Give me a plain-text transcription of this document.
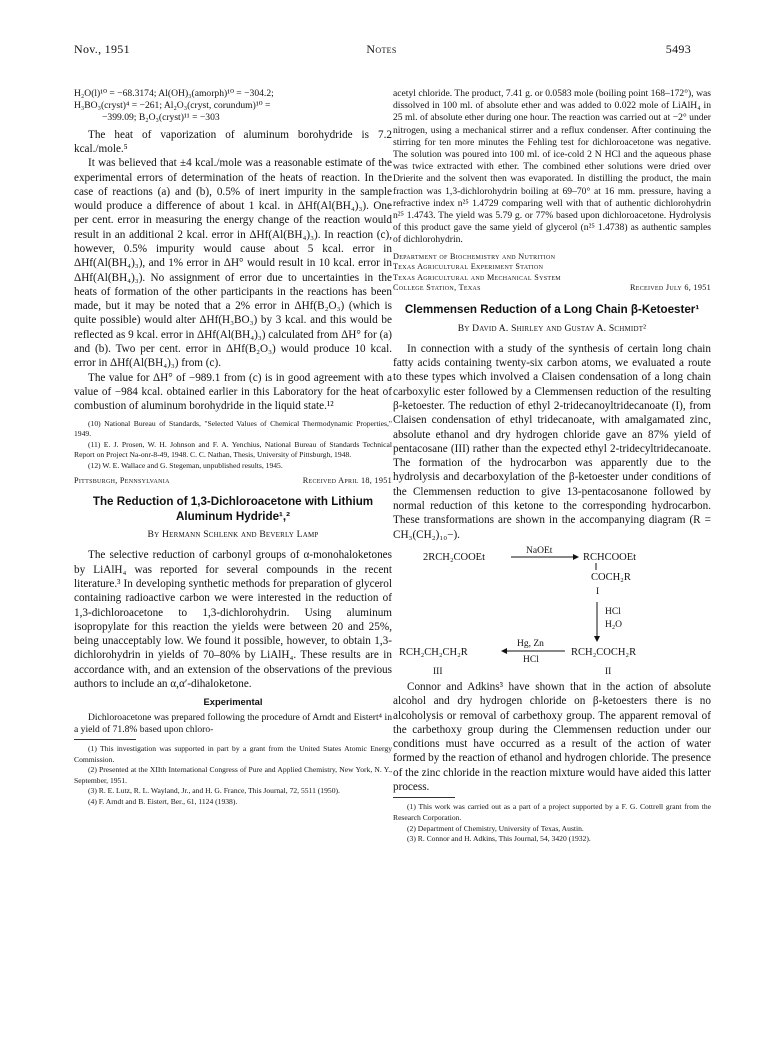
Nov., 1951	Notes	5493

H₂O(l)¹⁰ = −68.3174; Al(OH)₃(amorph)¹⁰ = −304.2;

H₃BO₃(cryst)⁴ = −261; Al₂O₃(cryst, corundum)¹⁰ =

−399.09; B₂O₃(cryst)¹¹ = −303

The heat of vaporization of aluminum borohydride is 7.2 kcal./mole.⁵

It was believed that ±4 kcal./mole was a reasonable estimate of the experimental errors of determination of the heats of reaction. In the case of reactions (a) and (b), 0.5% of inert impurity in the sample would produce a difference of about 1 kcal. in ΔHf(Al(BH₄)₃). One per cent. error in measuring the energy change of the reaction would result in an additional 2 kcal. error in ΔHf(Al(BH₄)₃). In reaction (c), however, 0.5% impurity would cause about 5 kcal. error in ΔHf(Al(BH₄)₃), and 1% error in ΔH° would result in 10 kcal. error in ΔHf(Al(BH₄)₃). No assignment of error due to uncertainties in the heats of formation of the other participants in the reactions has been made, but it may be noted that a 2% error in ΔHf(B₂O₃) (which is quite possible) would alter ΔHf(H₃BO₃) by 3 kcal. and this would be reflected as 9 kcal. error in ΔHf(Al(BH₄)₃) calculated from ΔH° for (a) and (b). Two per cent. error in ΔHf(B₂O₃) would produce 10 kcal. error in ΔHf(Al(BH₄)₃) from (c).

The value for ΔH° of −989.1 from (c) is in good agreement with a value of −984 kcal. obtained earlier in this Laboratory for the heat of combustion of aluminum borohydride in the liquid state.¹²

(10) National Bureau of Standards, "Selected Values of Chemical Thermodynamic Properties," 1949.

(11) E. J. Prosen, W. H. Johnson and F. A. Yenchius, National Bureau of Standards Technical Report on Project Na-onr-8-49, 1948. C. C. Nathan, Thesis, University of Pittsburgh, 1948.

(12) W. E. Wallace and G. Stegeman, unpublished results, 1945.

Pittsburgh, Pennsylvania	Received April 18, 1951

The Reduction of 1,3-Dichloroacetone with Lithium Aluminum Hydride¹,²

By Hermann Schlenk and Beverly Lamp

The selective reduction of carbonyl groups of α-monohaloketones by LiAlH₄ was reported for several compounds in the recent literature.³ In developing synthetic methods for preparation of glycerol containing radioactive carbon we were interested in the reduction of 1,3-dichloroacetone to 1,3-dichlorohydrin. Using aluminum isopropylate for this reaction the yields were between 20 and 25%, being unacceptably low. We found it possible, however, to obtain 1,3-dichlorohydrin in yields of 70–80% by LiAlH₄. These results are in accordance with, and an extension of the observations of the previous authors to include an α,α′-dihaloketone.

Experimental

Dichloroacetone was prepared following the procedure of Arndt and Eistert⁴ in a yield of 71.8% based upon chloro-

(1) This investigation was supported in part by a grant from the United States Atomic Energy Commission.

(2) Presented at the XIIth International Congress of Pure and Applied Chemistry, New York, N. Y., September, 1951.

(3) R. E. Lutz, R. L. Wayland, Jr., and H. G. France, This Journal, 72, 5511 (1950).

(4) F. Arndt and B. Eistert, Ber., 61, 1124 (1938).

acetyl chloride. The product, 7.41 g. or 0.0583 mole (boiling point 168–172°), was dissolved in 100 ml. of absolute ether and was added to 0.022 mole of LiAlH₄ in 25 ml. of absolute ether during one hour. The reaction was carried out at −2° under nitrogen, using a mechanical stirrer and a reflux condenser. After continuing the stirring for ten more minutes the Fehling test for dichloroacetone was negative. The solution was poured into 100 ml. of ice-cold 2 N HCl and the aqueous phase was twice extracted with ether. The combined ether solutions were dried over Drierite and the solvent then was evaporated. In distilling the product, the main fraction was 1,3-dichlorohydrin boiling at 69–70° at 16 mm. pressure, having a refractive index n²⁵ 1.4729 comparing well with that of authentic dichlorohydrin n²⁵ 1.4743. The yield was 5.79 g. or 77% based upon dichloroacetone. Hydrolysis of this product gave the same yield of glycerol (n²⁵ 1.4738) as authentic samples of dichlorohydrin.

Department of Biochemistry and Nutrition

Texas Agricultural Experiment Station

Texas Agricultural and Mechanical System

College Station, Texas	Received July 6, 1951

Clemmensen Reduction of a Long Chain β-Ketoester¹

By David A. Shirley and Gustav A. Schmidt²

In connection with a study of the synthesis of certain long chain fatty acids containing twenty-six carbon atoms, we evaluated a route to these types which involved a Claisen condensation of a long chain carboxylic ester followed by a Clemmensen reduction of the resulting β-ketoester. The reduction of ethyl 2-tridecanoyltridecanoate (I), from Claisen condensation of ethyl tridecanoate, with amalgamated zinc, absolute ethanol and dry hydrogen chloride gave an 87% yield of pentacosane (III) rather than the expected ethyl 2-tridecyltridecanoate. The formation of the hydrocarbon was apparently due to the hydrolysis and decarboxylation of the β-ketoester under conditions of the Clemmensen reduction to give 13-pentacosanone followed by normal reduction of this ketone to the corresponding hydrocarbon. These transformations are shown in the accompanying diagram (R = CH₃(CH₂)₁₀−).

2RCH₂COOEt
NaOEt
RCHCOOEt
COCH₂R
I
HCl
H₂O
RCH₂CH₂CH₂R
Hg, Zn
HCl
RCH₂COCH₂R
III	II

Connor and Adkins³ have shown that in the action of absolute alcohol and dry hydrogen chloride on β-ketoesters there is no alcoholysis or removal of carbethoxy group. The apparent removal of the carbethoxy group during the Clemmensen reduction under our conditions must have occurred as a result of the action of water formed by the reaction of ethanol and hydrogen chloride. The presence of the zinc chloride in the reaction mixture would have aided this latter process.

(1) This work was carried out as a part of a project supported by a F. G. Cottrell grant from the Research Corporation.

(2) Department of Chemistry, University of Texas, Austin.

(3) R. Connor and H. Adkins, This Journal, 54, 3420 (1932).
